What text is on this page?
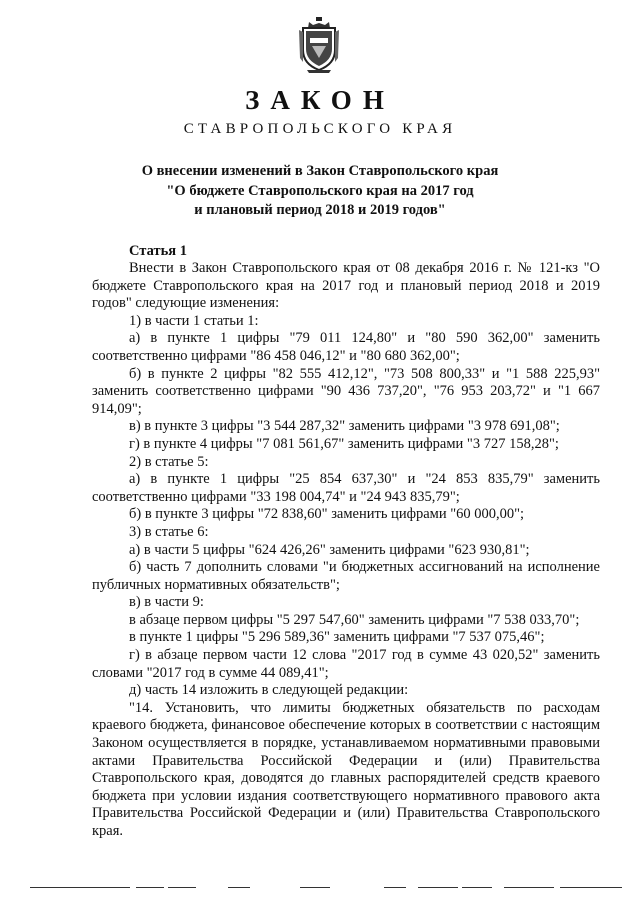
ЗАКОН
СТАВРОПОЛЬСКОГО КРАЯ
О внесении изменений в Закон Ставропольского края
"О бюджете Ставропольского края на 2017 год
и плановый период 2018 и 2019 годов"
Статья 1

Внести в Закон Ставропольского края от 08 декабря 2016 г. № 121-кз "О бюджете Ставропольского края на 2017 год и плановый период 2018 и 2019 годов" следующие изменения:

1) в части 1 статьи 1:

а) в пункте 1 цифры "79 011 124,80" и "80 590 362,00" заменить соответственно цифрами "86 458 046,12" и "80 680 362,00";

б) в пункте 2 цифры "82 555 412,12", "73 508 800,33" и "1 588 225,93" заменить соответственно цифрами "90 436 737,20", "76 953 203,72" и "1 667 914,09";

в) в пункте 3 цифры "3 544 287,32" заменить цифрами "3 978 691,08";

г) в пункте 4 цифры "7 081 561,67" заменить цифрами "3 727 158,28";

2) в статье 5:

а) в пункте 1 цифры "25 854 637,30" и "24 853 835,79" заменить соответственно цифрами "33 198 004,74" и "24 943 835,79";

б) в пункте 3 цифры "72 838,60" заменить цифрами "60 000,00";

3) в статье 6:

а) в части 5 цифры "624 426,26" заменить цифрами "623 930,81";

б) часть 7 дополнить словами "и бюджетных ассигнований на исполнение публичных нормативных обязательств";

в) в части 9:

в абзаце первом цифры "5 297 547,60" заменить цифрами "7 538 033,70";

в пункте 1 цифры "5 296 589,36" заменить цифрами "7 537 075,46";

г) в абзаце первом части 12 слова "2017 год в сумме 43 020,52" заменить словами "2017 год в сумме 44 089,41";

д) часть 14 изложить в следующей редакции:

"14. Установить, что лимиты бюджетных обязательств по расходам краевого бюджета, финансовое обеспечение которых в соответствии с настоящим Законом осуществляется в порядке, устанавливаемом нормативными правовыми актами Правительства Российской Федерации и (или) Правительства Ставропольского края, доводятся до главных распорядителей средств краевого бюджета при условии издания соответствующего нормативного правового акта Правительства Российской Федерации и (или) Правительства Ставропольского края.
